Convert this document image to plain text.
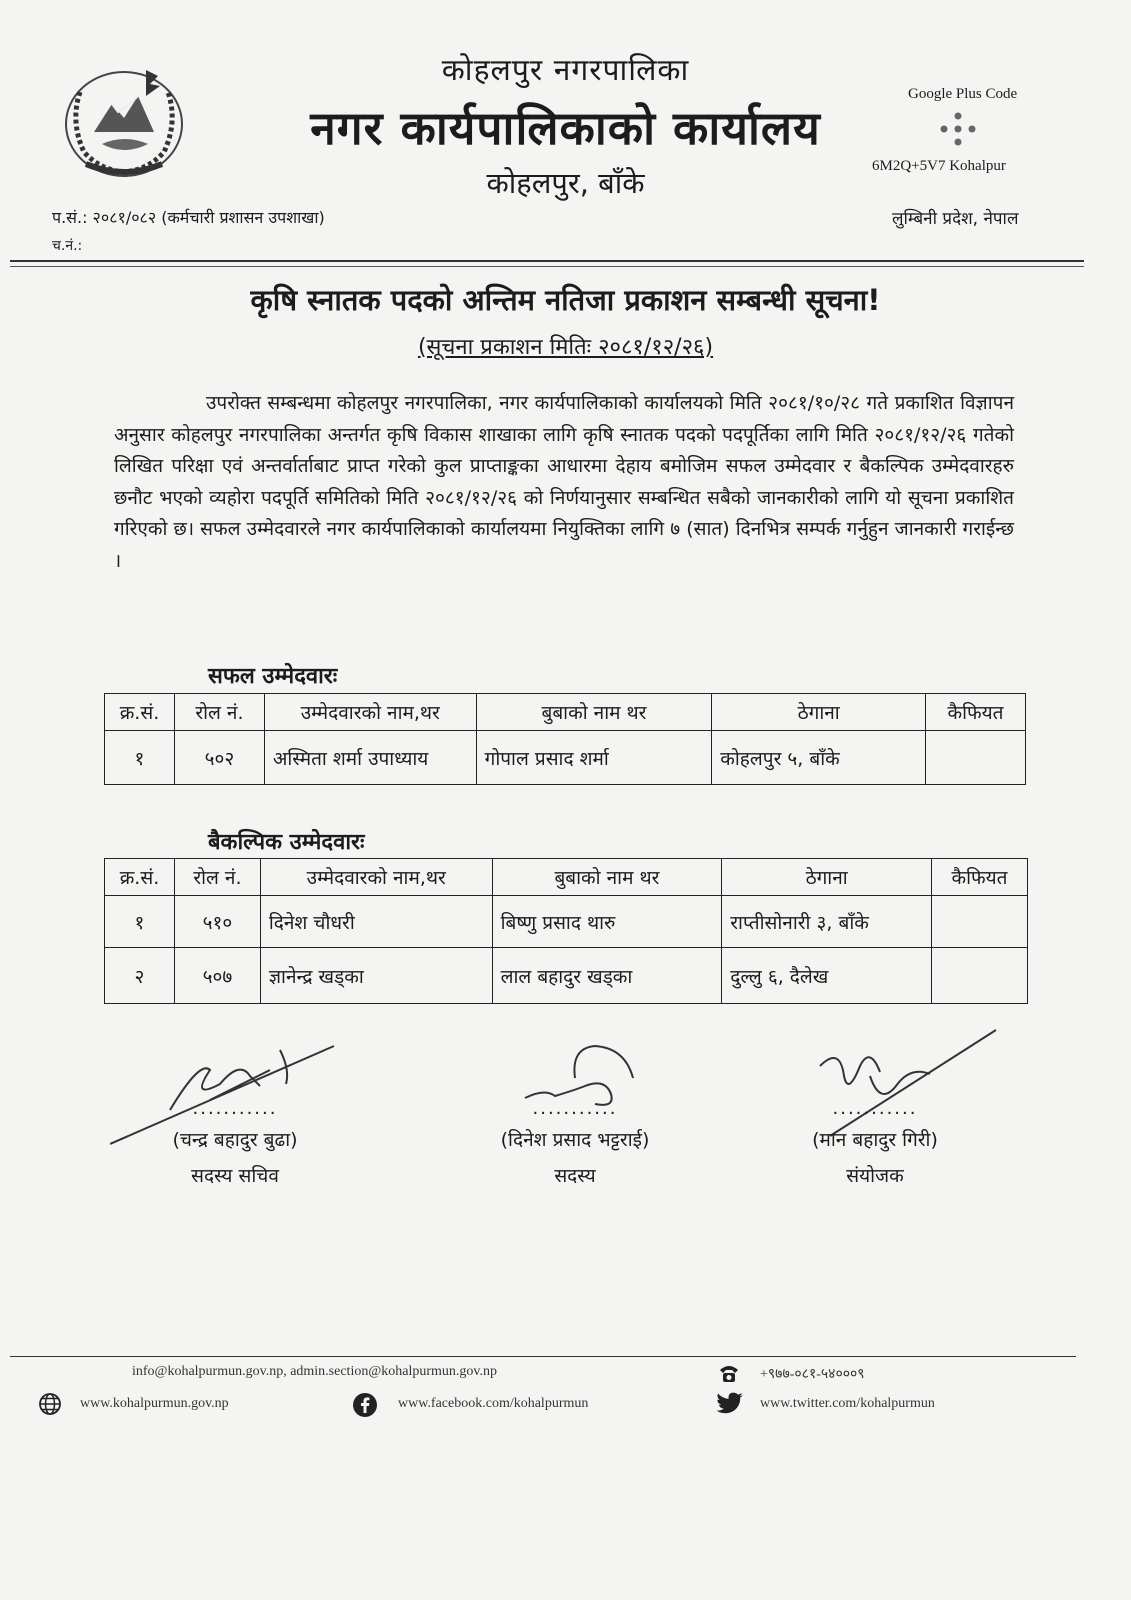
कोहलपुर नगरपालिका
नगर कार्यपालिकाको कार्यालय
कोहलपुर, बाँके
Google Plus Code
6M2Q+5V7 Kohalpur
प.सं.: २०८१/०८२ (कर्मचारी प्रशासन उपशाखा)
च.नं.:
लुम्बिनी प्रदेश, नेपाल
कृषि स्नातक पदको अन्तिम नतिजा प्रकाशन सम्बन्धी सूचना!
(सूचना प्रकाशन मितिः २०८१/१२/२६)
उपरोक्त सम्बन्धमा कोहलपुर नगरपालिका, नगर कार्यपालिकाको कार्यालयको मिति २०८१/१०/२८ गते प्रकाशित विज्ञापन अनुसार कोहलपुर नगरपालिका अन्तर्गत कृषि विकास शाखाका लागि कृषि स्नातक पदको पदपूर्तिका लागि मिति २०८१/१२/२६ गतेको लिखित परिक्षा एवं अन्तर्वार्ताबाट प्राप्त गरेको कुल प्राप्ताङ्कका आधारमा देहाय बमोजिम सफल उम्मेदवार र बैकल्पिक उम्मेदवारहरु छनौट भएको व्यहोरा पदपूर्ति समितिको मिति २०८१/१२/२६ को निर्णयानुसार सम्बन्धित सबैको जानकारीको लागि यो सूचना प्रकाशित गरिएको छ। सफल उम्मेदवारले नगर कार्यपालिकाको कार्यालयमा नियुक्तिका लागि ७ (सात) दिनभित्र सम्पर्क गर्नुहुन जानकारी गराईन्छ ।
सफल उम्मेदवारः
क्र.सं.	रोल नं.	उम्मेदवारको नाम,थर	बुबाको नाम थर	ठेगाना	कैफियत
१	५०२	अस्मिता शर्मा उपाध्याय	गोपाल प्रसाद शर्मा	कोहलपुर ५, बाँके	
बैकल्पिक उम्मेदवारः
क्र.सं.	रोल नं.	उम्मेदवारको नाम,थर	बुबाको नाम थर	ठेगाना	कैफियत
१	५१०	दिनेश चौधरी	बिष्णु प्रसाद थारु	राप्तीसोनारी ३, बाँके	
२	५०७	ज्ञानेन्द्र खड्का	लाल बहादुर खड्का	दुल्लु ६, दैलेख	
...........
(चन्द्र बहादुर बुढा)
सदस्य सचिव
...........
(दिनेश प्रसाद भट्टराई)
सदस्य
...........
(मान बहादुर गिरी)
संयोजक
info@kohalpurmun.gov.np, admin.section@kohalpurmun.gov.np	+९७७-०८१-५४०००९
www.kohalpurmun.gov.np	www.facebook.com/kohalpurmun	www.twitter.com/kohalpurmun
